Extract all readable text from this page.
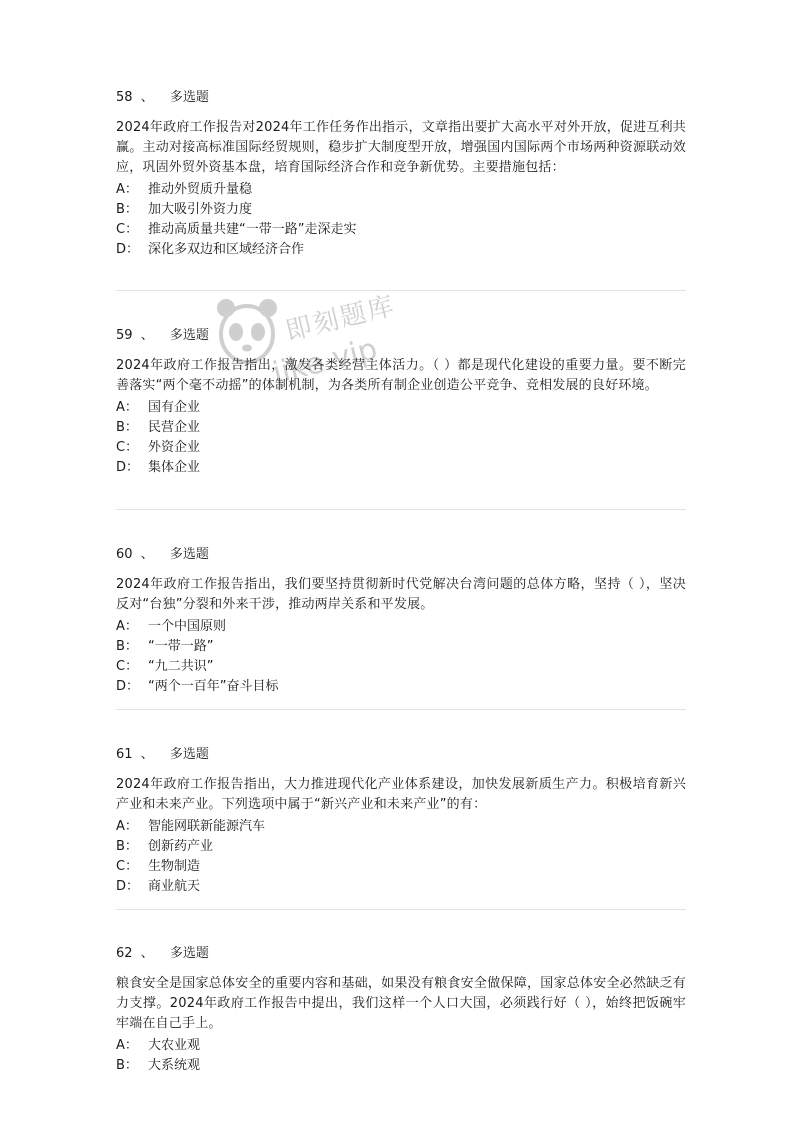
58 、 多选题

2024年政府工作报告对2024年工作任务作出指示，文章指出要扩大高水平对外开放，促进互利共赢。主动对接高标准国际经贸规则，稳步扩大制度型开放，增强国内国际两个市场两种资源联动效应，巩固外贸外资基本盘，培育国际经济合作和竞争新优势。主要措施包括：

A： 推动外贸质升量稳
B： 加大吸引外资力度
C： 推动高质量共建“一带一路”走深走实
D： 深化多双边和区域经济合作
59 、 多选题

2024年政府工作报告指出，激发各类经营主体活力。（ ）都是现代化建设的重要力量。要不断完善落实“两个毫不动摇”的体制机制，为各类所有制企业创造公平竞争、竞相发展的良好环境。

A： 国有企业
B： 民营企业
C： 外资企业
D： 集体企业
60 、 多选题

2024年政府工作报告指出，我们要坚持贯彻新时代党解决台湾问题的总体方略，坚持（ ），坚决反对“台独”分裂和外来干涉，推动两岸关系和平发展。

A： 一个中国原则
B： “一带一路”
C： “九二共识”
D： “两个一百年”奋斗目标
61 、 多选题

2024年政府工作报告指出，大力推进现代化产业体系建设，加快发展新质生产力。积极培育新兴产业和未来产业。下列选项中属于“新兴产业和未来产业”的有：

A： 智能网联新能源汽车
B： 创新药产业
C： 生物制造
D： 商业航天
62 、 多选题

粮食安全是国家总体安全的重要内容和基础，如果没有粮食安全做保障，国家总体安全必然缺乏有力支撑。2024年政府工作报告中提出，我们这样一个人口大国，必须践行好（ ），始终把饭碗牢牢端在自己手上。

A： 大农业观
B： 大系统观
即刻题库
jike.vip
